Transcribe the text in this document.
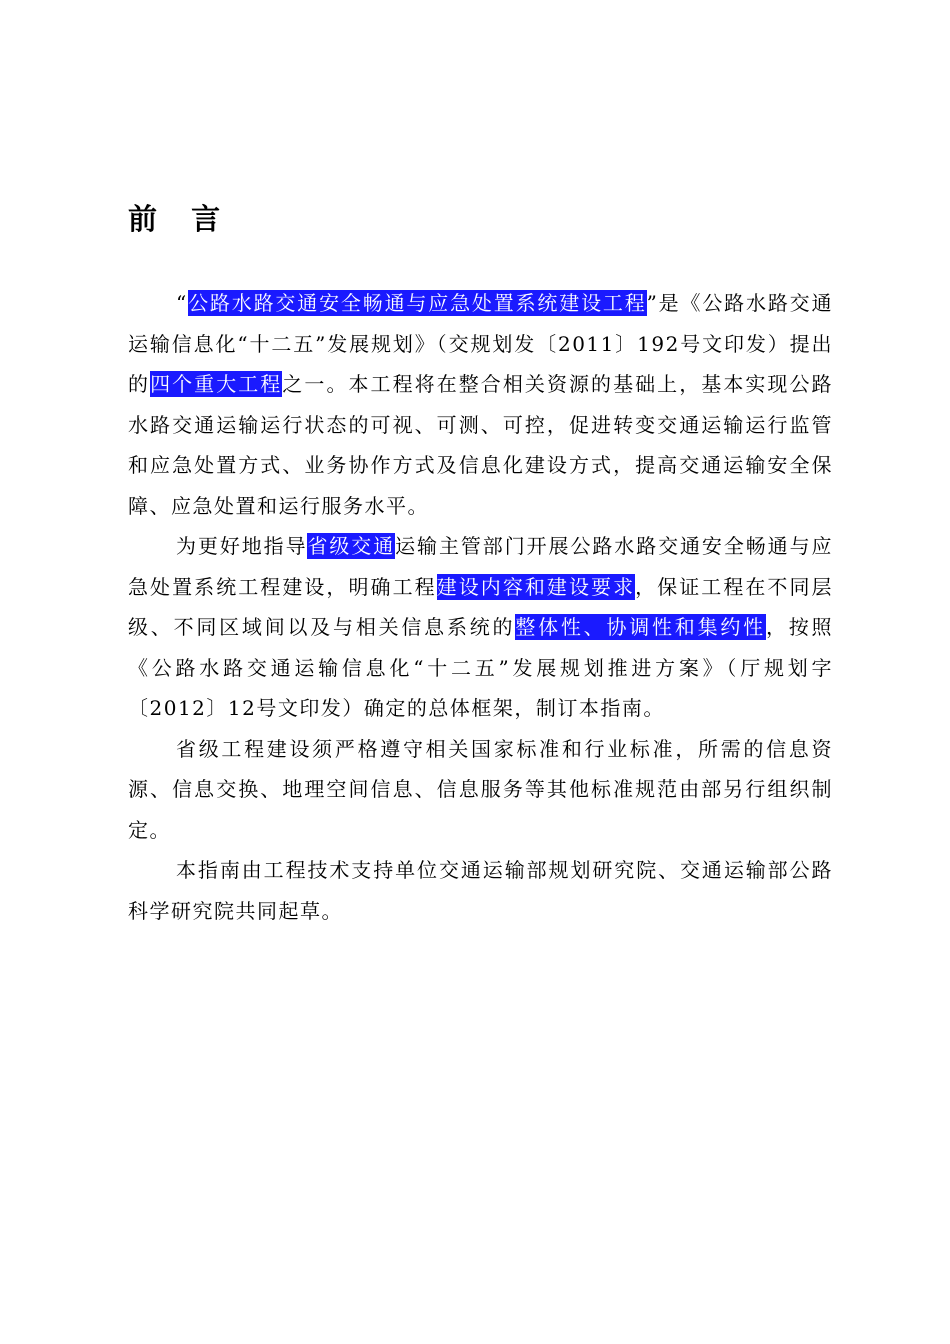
前 言

“公路水路交通安全畅通与应急处置系统建设工程”是《公路水路交通运输信息化“十二五”发展规划》（交规划发〔2011〕192号文印发）提出的四个重大工程之一。本工程将在整合相关资源的基础上，基本实现公路水路交通运输运行状态的可视、可测、可控，促进转变交通运输运行监管和应急处置方式、业务协作方式及信息化建设方式，提高交通运输安全保障、应急处置和运行服务水平。

为更好地指导省级交通运输主管部门开展公路水路交通安全畅通与应急处置系统工程建设，明确工程建设内容和建设要求，保证工程在不同层级、不同区域间以及与相关信息系统的整体性、协调性和集约性，按照《公路水路交通运输信息化“十二五”发展规划推进方案》（厅规划字〔2012〕12号文印发）确定的总体框架，制订本指南。

省级工程建设须严格遵守相关国家标准和行业标准，所需的信息资源、信息交换、地理空间信息、信息服务等其他标准规范由部另行组织制定。

本指南由工程技术支持单位交通运输部规划研究院、交通运输部公路科学研究院共同起草。
